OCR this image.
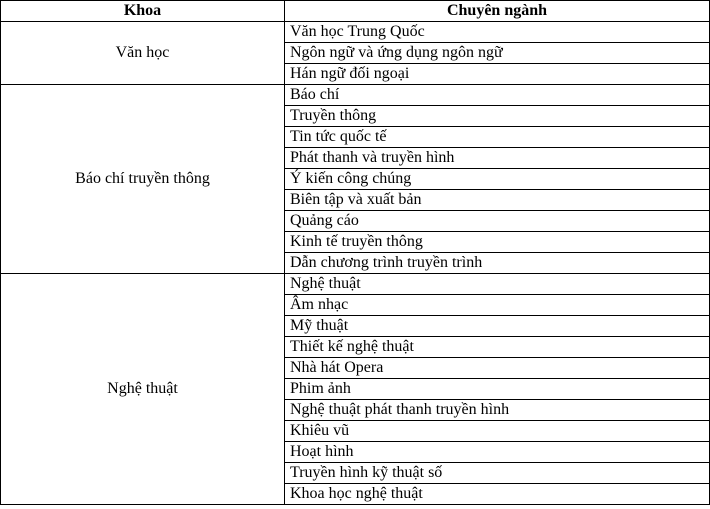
Khoa	Chuyên ngành
Văn học	Văn học Trung Quốc
	Ngôn ngữ và ứng dụng ngôn ngữ
	Hán ngữ đối ngoại
Báo chí truyền thông	Báo chí
	Truyền thông
	Tin tức quốc tế
	Phát thanh và truyền hình
	Ý kiến công chúng
	Biên tập và xuất bản
	Quảng cáo
	Kinh tế truyền thông
	Dẫn chương trình truyền trình
Nghệ thuật	Nghệ thuật
	Âm nhạc
	Mỹ thuật
	Thiết kế nghệ thuật
	Nhà hát Opera
	Phim ảnh
	Nghệ thuật phát thanh truyền hình
	Khiêu vũ
	Hoạt hình
	Truyền hình kỹ thuật số
	Khoa học nghệ thuật
